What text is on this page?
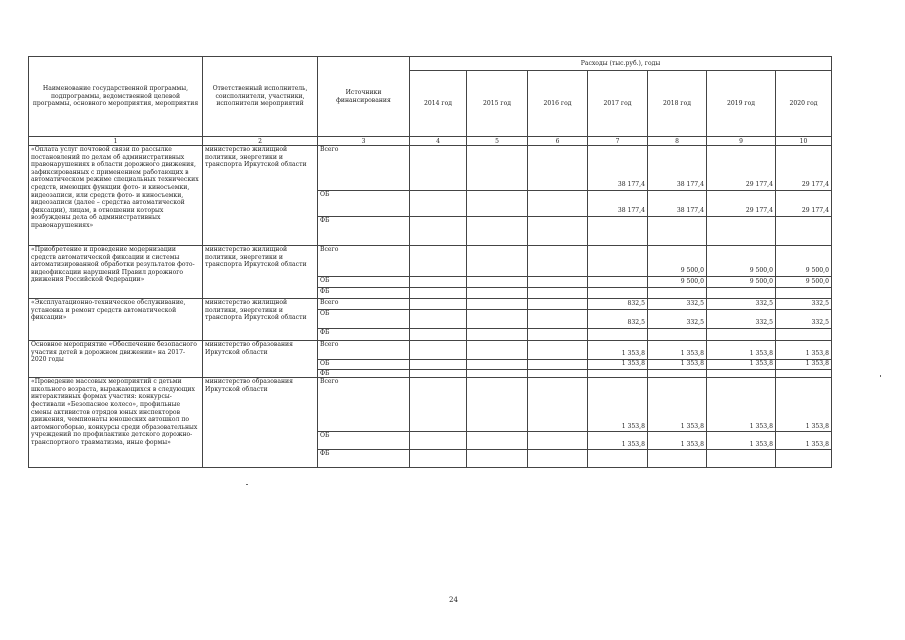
Наименование государственной программы, подпрограммы, ведомственной целевой программы, основного мероприятия, мероприятия	Ответственный исполнитель, соисполнители, участники, исполнители мероприятий	Источники финансирования	Расходы (тыс.руб.), годы						
			2014 год	2015 год	2016 год	2017 год	2018 год	2019 год	2020 год
1	2	3	4	5	6	7	8	9	10
«Оплата услуг почтовой связи по рассылке постановлений по делам об административных правонарушениях в области дорожного движения, зафиксированных с применением работающих в автоматическом режиме специальных технических средств, имеющих функции фото- и киносъемки, видеозаписи, или средств фото- и киносъемки, видеозаписи (далее – средства автоматической фиксации), лицам, в отношении которых возбуждены дела об административных правонарушениях»	министерство жилищной политики, энергетики и транспорта Иркутской области	Всего				38 177,4	38 177,4	29 177,4	29 177,4
		ОБ				38 177,4	38 177,4	29 177,4	29 177,4
		ФБ							
«Приобретение и проведение модернизации средств автоматической фиксации и системы автоматизированной обработки результатов фото-видеофиксации нарушений Правил дорожного движения Российской Федерации»	министерство жилищной политики, энергетики и транспорта Иркутской области	Всего					9 500,0	9 500,0	9 500,0
		ОБ					9 500,0	9 500,0	9 500,0
		ФБ							
«Эксплуатационно-техническое обслуживание, установка и ремонт средств автоматической фиксации»	министерство жилищной политики, энергетики и транспорта Иркутской области	Всего				832,5	332,5	332,5	332,5
		ОБ				832,5	332,5	332,5	332,5
		ФБ							
Основное мероприятие «Обеспечение безопасного участия детей в дорожном движении» на 2017-2020 годы	министерство образования Иркутской области	Всего				1 353,8	1 353,8	1 353,8	1 353,8
		ОБ				1 353,8	1 353,8	1 353,8	1 353,8
		ФБ							
«Проведение массовых мероприятий с детьми школьного возраста, выражающихся в следующих интерактивных формах участия: конкурсы-фестивали «Безопасное колесо», профильные смены активистов отрядов юных инспекторов движения, чемпионаты юношеских автошкол по автомногоборью, конкурсы среди образовательных учреждений по профилактике детского дорожно-транспортного травматизма, иные формы»	министерство образования Иркутской области	Всего				1 353,8	1 353,8	1 353,8	1 353,8
		ОБ				1 353,8	1 353,8	1 353,8	1 353,8
		ФБ							
24
